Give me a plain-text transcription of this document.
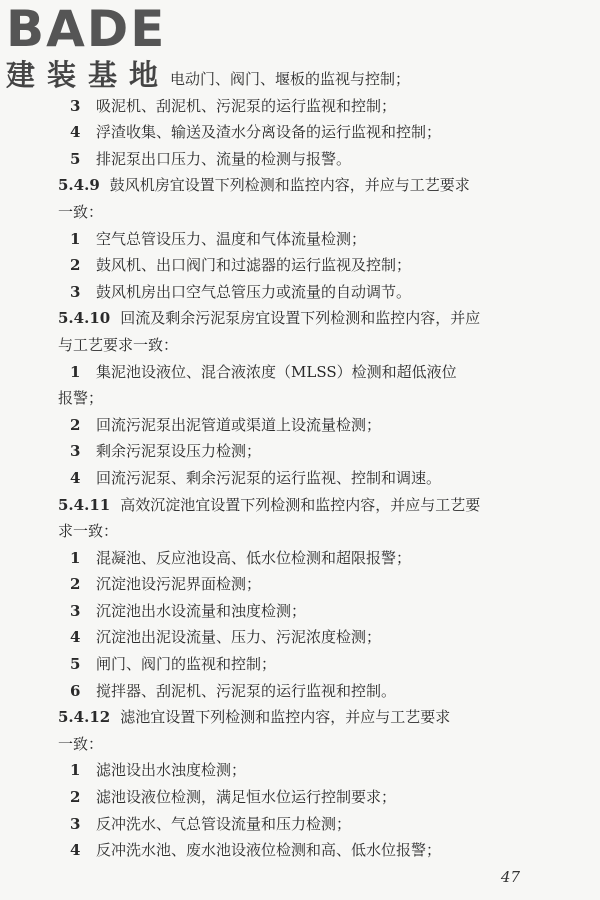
BADE
建装基地 电动门、阀门、堰板的监视与控制；
3 吸泥机、刮泥机、污泥泵的运行监视和控制；
4 浮渣收集、输送及渣水分离设备的运行监视和控制；
5 排泥泵出口压力、流量的检测与报警。
5.4.9 鼓风机房宜设置下列检测和监控内容，并应与工艺要求
一致：
1 空气总管设压力、温度和气体流量检测；
2 鼓风机、出口阀门和过滤器的运行监视及控制；
3 鼓风机房出口空气总管压力或流量的自动调节。
5.4.10 回流及剩余污泥泵房宜设置下列检测和监控内容，并应
与工艺要求一致：
1 集泥池设液位、混合液浓度（MLSS）检测和超低液位
报警；
2 回流污泥泵出泥管道或渠道上设流量检测；
3 剩余污泥泵设压力检测；
4 回流污泥泵、剩余污泥泵的运行监视、控制和调速。
5.4.11 高效沉淀池宜设置下列检测和监控内容，并应与工艺要
求一致：
1 混凝池、反应池设高、低水位检测和超限报警；
2 沉淀池设污泥界面检测；
3 沉淀池出水设流量和浊度检测；
4 沉淀池出泥设流量、压力、污泥浓度检测；
5 闸门、阀门的监视和控制；
6 搅拌器、刮泥机、污泥泵的运行监视和控制。
5.4.12 滤池宜设置下列检测和监控内容，并应与工艺要求
一致：
1 滤池设出水浊度检测；
2 滤池设液位检测，满足恒水位运行控制要求；
3 反冲洗水、气总管设流量和压力检测；
4 反冲洗水池、废水池设液位检测和高、低水位报警；
47
